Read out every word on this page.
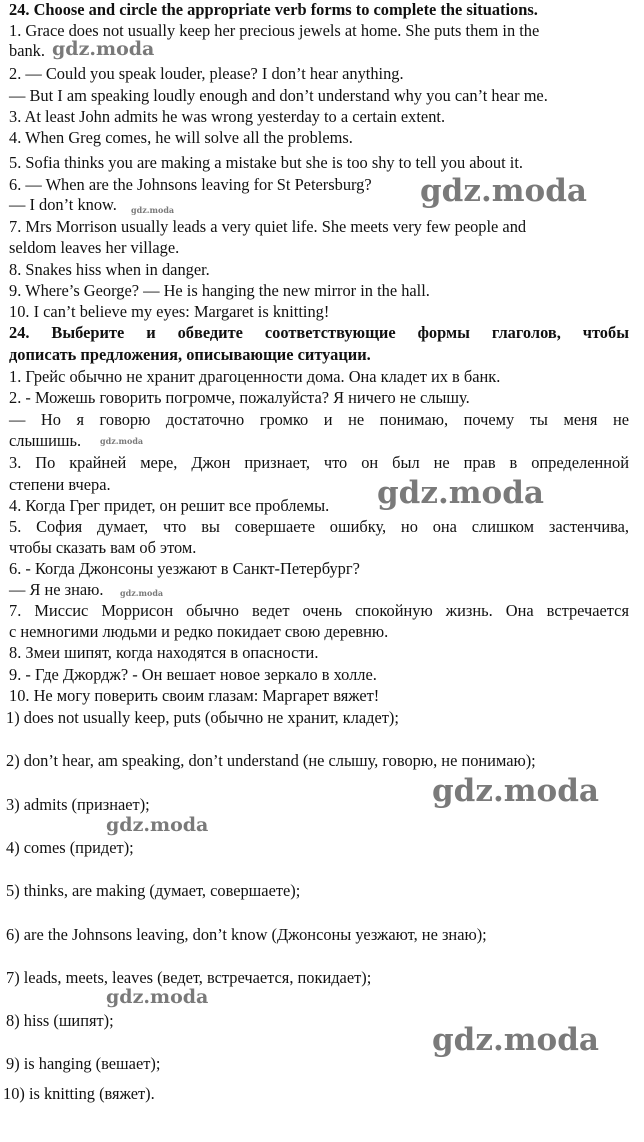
24. Choose and circle the appropriate verb forms to complete the situations.
1. Grace does not usually keep her precious jewels at home. She puts them in the
bank.
2. — Could you speak louder, please? I don’t hear anything.
— But I am speaking loudly enough and don’t understand why you can’t hear me.
3. At least John admits he was wrong yesterday to a certain extent.
4. When Greg comes, he will solve all the problems.
5. Sofia thinks you are making a mistake but she is too shy to tell you about it.
6. — When are the Johnsons leaving for St Petersburg?
— I don’t know.
7. Mrs Morrison usually leads a very quiet life. She meets very few people and
seldom leaves her village.
8. Snakes hiss when in danger.
9. Where’s George? — He is hanging the new mirror in the hall.
10. I can’t believe my eyes: Margaret is knitting!
24. Выберите и обведите соответствующие формы глаголов, чтобы
дописать предложения, описывающие ситуации.
1. Грейс обычно не хранит драгоценности дома. Она кладет их в банк.
2. - Можешь говорить погромче, пожалуйста? Я ничего не слышу.
— Но я говорю достаточно громко и не понимаю, почему ты меня не
слышишь.
3. По крайней мере, Джон признает, что он был не прав в определенной
степени вчера.
4. Когда Грег придет, он решит все проблемы.
5. София думает, что вы совершаете ошибку, но она слишком застенчива,
чтобы сказать вам об этом.
6. - Когда Джонсоны уезжают в Санкт-Петербург?
— Я не знаю.
7. Миссис Моррисон обычно ведет очень спокойную жизнь. Она встречается
с немногими людьми и редко покидает свою деревню.
8. Змеи шипят, когда находятся в опасности.
9. - Где Джордж? - Он вешает новое зеркало в холле.
10. Не могу поверить своим глазам: Маргарет вяжет!
1) does not usually keep, puts (обычно не хранит, кладет);
2) don’t hear, am speaking, don’t understand (не слышу, говорю, не понимаю);
3) admits (признает);
4) comes (придет);
5) thinks, are making (думает, совершаете);
6) are the Johnsons leaving, don’t know (Джонсоны уезжают, не знаю);
7) leads, meets, leaves (ведет, встречается, покидает);
8) hiss (шипят);
9) is hanging (вешает);
10) is knitting (вяжет).
gdz.moda
gdz.moda
gdz.moda
gdz.moda
gdz.moda
gdz.moda
gdz.moda
gdz.moda
gdz.moda
gdz.moda
